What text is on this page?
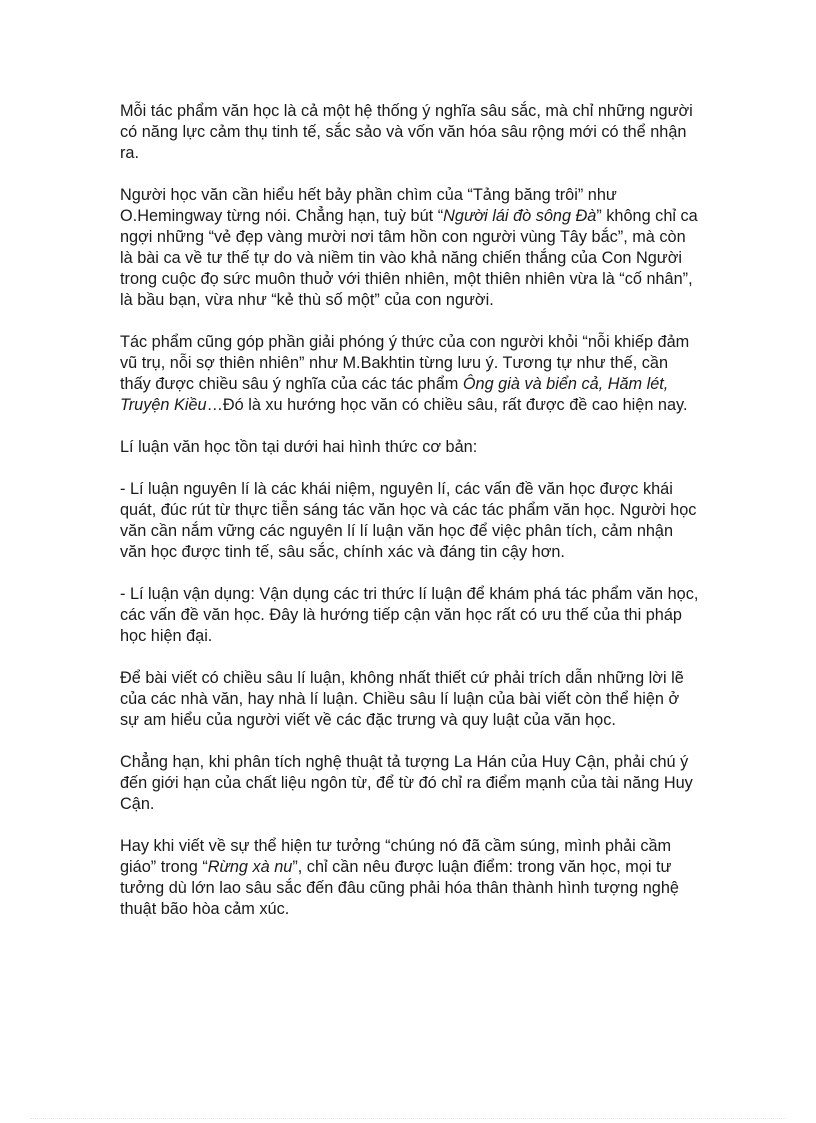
Mỗi tác phẩm văn học là cả một hệ thống ý nghĩa sâu sắc, mà chỉ những người có năng lực cảm thụ tinh tế, sắc sảo và vốn văn hóa sâu rộng mới có thể nhận ra.

Người học văn cần hiểu hết bảy phần chìm của “Tảng băng trôi” như O.Hemingway từng nói. Chẳng hạn, tuỳ bút “Người lái đò sông Đà” không chỉ ca ngợi những “vẻ đẹp vàng mười nơi tâm hồn con người vùng Tây bắc”, mà còn là bài ca về tư thế tự do và niềm tin vào khả năng chiến thắng của Con Người trong cuộc đọ sức muôn thuở với thiên nhiên, một thiên nhiên vừa là “cố nhân”, là bầu bạn, vừa như “kẻ thù số một” của con người.

Tác phẩm cũng góp phần giải phóng ý thức của con người khỏi “nỗi khiếp đảm vũ trụ, nỗi sợ thiên nhiên” như M.Bakhtin từng lưu ý. Tương tự như thế, cần thấy được chiều sâu ý nghĩa của các tác phẩm Ông già và biển cả, Hăm lét, Truyện Kiều…Đó là xu hướng học văn có chiều sâu, rất được đề cao hiện nay.

Lí luận văn học tồn tại dưới hai hình thức cơ bản:

- Lí luận nguyên lí là các khái niệm, nguyên lí, các vấn đề văn học được khái quát, đúc rút từ thực tiễn sáng tác văn học và các tác phẩm văn học. Người học văn cần nắm vững các nguyên lí lí luận văn học để việc phân tích, cảm nhận văn học được tinh tế, sâu sắc, chính xác và đáng tin cậy hơn.

- Lí luận vận dụng: Vận dụng các tri thức lí luận để khám phá tác phẩm văn học, các vấn đề văn học. Đây là hướng tiếp cận văn học rất có ưu thế của thi pháp học hiện đại.

Để bài viết có chiều sâu lí luận, không nhất thiết cứ phải trích dẫn những lời lẽ của các nhà văn, hay nhà lí luận. Chiều sâu lí luận của bài viết còn thể hiện ở sự am hiểu của người viết về các đặc trưng và quy luật của văn học.

Chẳng hạn, khi phân tích nghệ thuật tả tượng La Hán của Huy Cận, phải chú ý đến giới hạn của chất liệu ngôn từ, để từ đó chỉ ra điểm mạnh của tài năng Huy Cận.

Hay khi viết về sự thể hiện tư tưởng “chúng nó đã cầm súng, mình phải cầm giáo” trong “Rừng xà nu”, chỉ cần nêu được luận điểm: trong văn học, mọi tư tưởng dù lớn lao sâu sắc đến đâu cũng phải hóa thân thành hình tượng nghệ thuật bão hòa cảm xúc.
